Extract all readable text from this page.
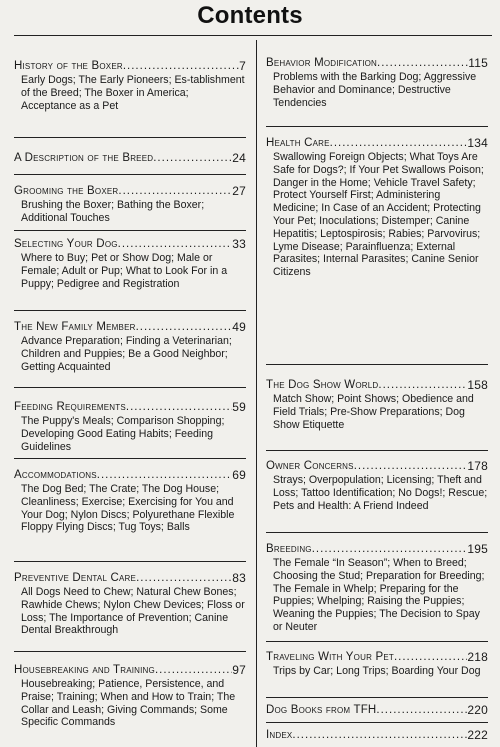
Contents
History of the Boxer .....	7
Early Dogs; The Early Pioneers; Es-tablishment of the Breed; The Boxer in America; Acceptance as a Pet
A Description of the Breed .....	24
Grooming the Boxer .....	27
Brushing the Boxer; Bathing the Boxer; Additional Touches
Selecting Your Dog .....	33
Where to Buy; Pet or Show Dog; Male or Female; Adult or Pup; What to Look For in a Puppy; Pedigree and Registration
The New Family Member .....	49
Advance Preparation; Finding a Veterinarian; Children and Puppies; Be a Good Neighbor; Getting Acquainted
Feeding Requirements .....	59
The Puppy's Meals; Comparison Shopping; Developing Good Eating Habits; Feeding Guidelines
Accommodations .....	69
The Dog Bed; The Crate; The Dog House; Cleanliness; Exercise; Exercising for You and Your Dog; Nylon Discs; Polyurethane Flexible Floppy Flying Discs; Tug Toys; Balls
Preventive Dental Care .....	83
All Dogs Need to Chew; Natural Chew Bones; Rawhide Chews; Nylon Chew Devices; Floss or Loss; The Importance of Prevention; Canine Dental Breakthrough
Housebreaking and Training .....	97
Housebreaking; Patience, Persistence, and Praise; Training; When and How to Train; The Collar and Leash; Giving Commands; Some Specific Commands
Behavior Modification .....	115
Problems with the Barking Dog; Aggressive Behavior and Dominance; Destructive Tendencies
Health Care .....	134
Swallowing Foreign Objects; What Toys Are Safe for Dogs?; If Your Pet Swallows Poison; Danger in the Home; Vehicle Travel Safety; Protect Yourself First; Administering Medicine; In Case of an Accident; Protecting Your Pet; Inoculations; Distemper; Canine Hepatitis; Leptospirosis; Rabies; Parvovirus; Lyme Disease; Parainfluenza; External Parasites; Internal Parasites; Canine Senior Citizens
The Dog Show World .....	158
Match Show; Point Shows; Obedience and Field Trials; Pre-Show Preparations; Dog Show Etiquette
Owner Concerns .....	178
Strays; Overpopulation; Licensing; Theft and Loss; Tattoo Identification; No Dogs!; Rescue; Pets and Health: A Friend Indeed
Breeding .....	195
The Female “In Season”; When to Breed; Choosing the Stud; Preparation for Breeding; The Female in Whelp; Preparing for the Puppies; Whelping; Raising the Puppies; Weaning the Puppies; The Decision to Spay or Neuter
Traveling With Your Pet .....	218
Trips by Car; Long Trips; Boarding Your Dog
Dog Books from TFH .....	220
Index .....	222
